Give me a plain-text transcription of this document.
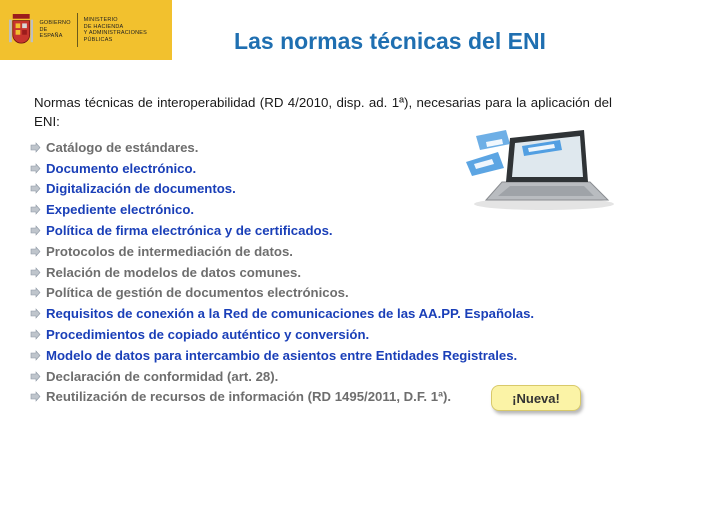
GOBIERNO
DE ESPAÑA
MINISTERIO
DE HACIENDA
Y ADMINISTRACIONES PÚBLICAS	Las normas técnicas del ENI
Normas técnicas de interoperabilidad (RD 4/2010, disp. ad. 1ª), necesarias para la aplicación del ENI:
Catálogo de estándares.
Documento electrónico.
Digitalización de documentos.
Expediente electrónico.
Política de firma electrónica y de certificados.
Protocolos de intermediación de datos.
Relación de modelos de datos comunes.
Política de gestión de documentos electrónicos.
Requisitos de conexión a la Red de comunicaciones de las AA.PP. Españolas.
Procedimientos de copiado auténtico y conversión.
Modelo de datos para intercambio de asientos entre Entidades Registrales.
Declaración de conformidad (art. 28).
Reutilización de recursos de información (RD 1495/2011, D.F. 1ª).	¡Nueva!
